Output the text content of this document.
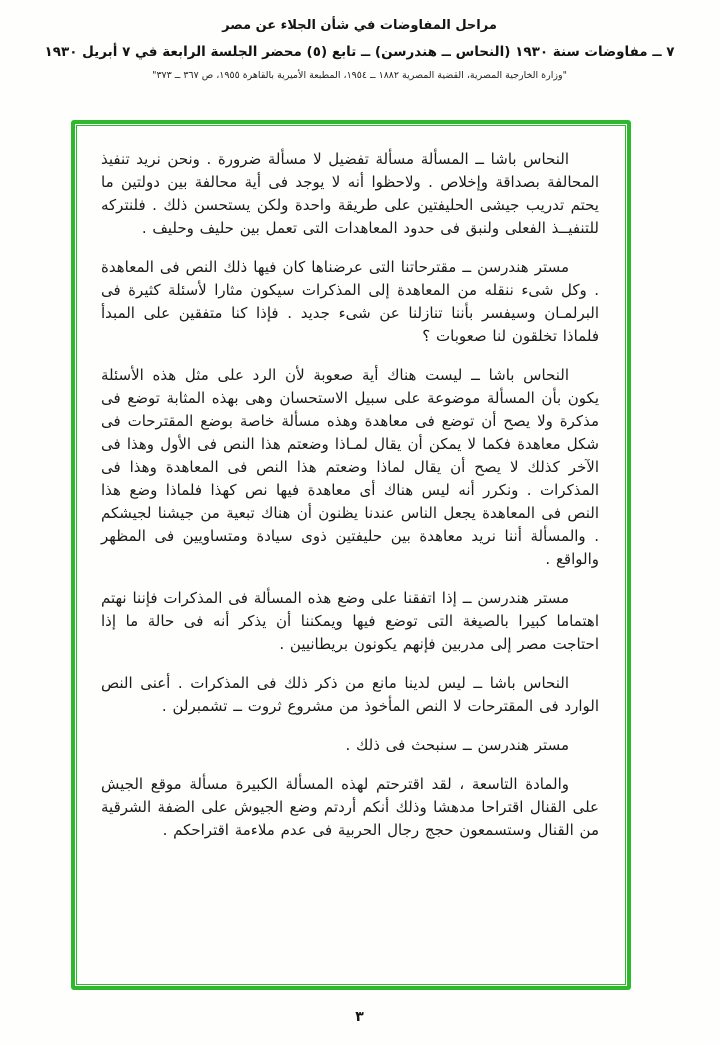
مراحل المفاوضات في شأن الجلاء عن مصر
٧ ــ مفاوضات سنة ١٩٣٠ (النحاس ــ هندرسن) ــ تابع (٥) محضر الجلسة الرابعة في ٧ أبريل ١٩٣٠
"وزارة الخارجية المصرية، القضية المصرية ١٨٨٢ ــ ١٩٥٤، المطبعة الأميرية بالقاهرة ١٩٥٥، ص ٣٦٧ ــ ٣٧٣"

النحاس باشا ــ المسألة مسألة تفضيل لا مسألة ضرورة . ونحن نريد تنفيذ المحالفة بصداقة وإخلاص . ولاحظوا أنه لا يوجد فى أية محالفة بين دولتين ما يحتم تدريب جيشى الحليفتين على طريقة واحدة ولكن يستحسن ذلك . فلنتركه للتنفيــذ الفعلى ولنبق فى حدود المعاهدات التى تعمل بين حليف وحليف .

مستر هندرسن ــ مقترحاتنا التى عرضناها كان فيها ذلك النص فى المعاهدة . وكل شىء ننقله من المعاهدة إلى المذكرات سيكون مثارا لأسئلة كثيرة فى البرلمـان وسيفسر بأننا تنازلنا عن شىء جديد . فإذا كنا متفقين على المبدأ فلماذا تخلقون لنا صعوبات ؟

النحاس باشا ــ ليست هناك أية صعوبة لأن الرد على مثل هذه الأسئلة يكون بأن المسألة موضوعة على سبيل الاستحسان وهى بهذه المثابة توضع فى مذكرة ولا يصح أن توضع فى معاهدة وهذه مسألة خاصة بوضع المقترحات فى شكل معاهدة فكما لا يمكن أن يقال لمـاذا وضعتم هذا النص فى الأول وهذا فى الآخر كذلك لا يصح أن يقال لماذا وضعتم هذا النص فى المعاهدة وهذا فى المذكرات . ونكرر أنه ليس هناك أى معاهدة فيها نص كهذا فلماذا وضع هذا النص فى المعاهدة يجعل الناس عندنا يظنون أن هناك تبعية من جيشنا لجيشكم . والمسألة أننا نريد معاهدة بين حليفتين ذوى سيادة ومتساويين فى المظهر والواقع .

مستر هندرسن ــ إذا اتفقنا على وضع هذه المسألة فى المذكرات فإننا نهتم اهتماما كبيرا بالصيغة التى توضع فيها ويمكننا أن يذكر أنه فى حالة ما إذا احتاجت مصر إلى مدربين فإنهم يكونون بريطانيين .

النحاس باشا ــ ليس لدينا مانع من ذكر ذلك فى المذكرات . أعنى النص الوارد فى المقترحات لا النص المأخوذ من مشروع ثروت ــ تشمبرلن .

مستر هندرسن ــ سنبحث فى ذلك .

والمادة التاسعة ، لقد اقترحتم لهذه المسألة الكبيرة مسألة موقع الجيش على القنال اقتراحا مدهشا وذلك أنكم أردتم وضع الجيوش على الضفة الشرقية من القنال وستسمعون حجج رجال الحربية فى عدم ملاءمة اقتراحكم .

٣
